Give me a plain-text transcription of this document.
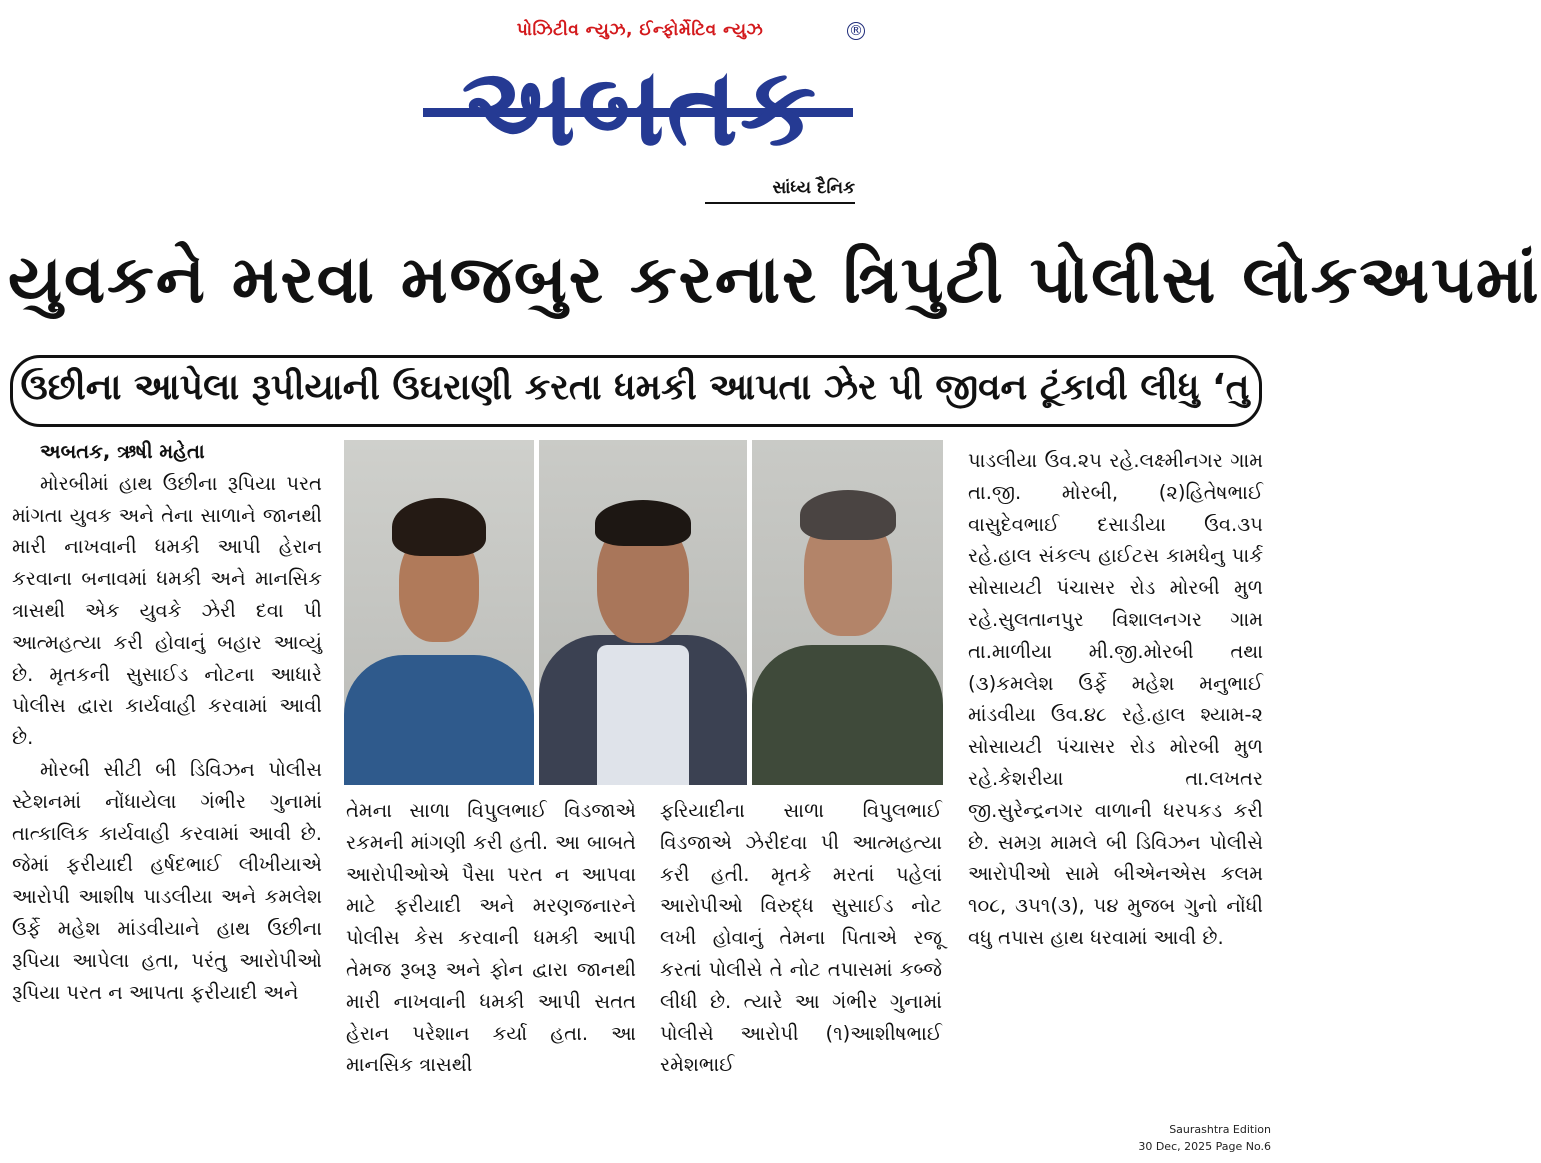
પોઝિટીવ ન્યુઝ, ઈન્ફોર્મેટિવ ન્યુઝ	®
અબતક
સાંધ્ય દૈનિક
યુવકને મરવા મજબુર કરનાર ત્રિપુટી પોલીસ લોકઅપમાં
ઉછીના આપેલા રૂપીયાની ઉઘરાણી કરતા ધમકી આપતા ઝેર પી જીવન ટૂંકાવી લીધુ ‘તુ

અબતક, ઋષી મહેતા

મોરબીમાં હાથ ઉછીના રૂપિયા પરત માંગતા યુવક અને તેના સાળાને જાનથી મારી નાખવાની ધમકી આપી હેરાન કરવાના બનાવમાં ધમકી અને માનસિક ત્રાસથી એક યુવકે ઝેરી દવા પી આત્મહત્યા કરી હોવાનું બહાર આવ્યું છે. મૃતકની સુસાઈડ નોટના આધારે પોલીસ દ્વારા કાર્યવાહી કરવામાં આવી છે.

મોરબી સીટી બી ડિવિઝન પોલીસ સ્ટેશનમાં નોંધાયેલા ગંભીર ગુનામાં તાત્કાલિક કાર્યવાહી કરવામાં આવી છે. જેમાં ફરીયાદી હર્ષદભાઈ લીખીયાએ આરોપી આશીષ પાડલીયા અને કમલેશ ઉર્ફે મહેશ માંડવીયાને હાથ ઉછીના રૂપિયા આપેલા હતા, પરંતુ આરોપીઓ રૂપિયા પરત ન આપતા ફરીયાદી અને

તેમના સાળા વિપુલભાઈ વિડજાએ રકમની માંગણી કરી હતી. આ બાબતે આરોપીઓએ પૈસા પરત ન આપવા માટે ફરીયાદી અને મરણજનારને પોલીસ કેસ કરવાની ધમકી આપી તેમજ રૂબરૂ અને ફોન દ્વારા જાનથી મારી નાખવાની ધમકી આપી સતત હેરાન પરેશાન કર્યા હતા. આ માનસિક ત્રાસથી

ફરિયાદીના સાળા વિપુલભાઈ વિડજાએ ઝેરીદવા પી આત્મહત્યા કરી હતી. મૃતકે મરતાં પહેલાં આરોપીઓ વિરુદ્ધ સુસાઈડ નોટ લખી હોવાનું તેમના પિતાએ રજૂ કરતાં પોલીસે તે નોટ તપાસમાં કબ્જે લીધી છે. ત્યારે આ ગંભીર ગુનામાં પોલીસે આરોપી (૧)આશીષભાઈ રમેશભાઈ

પાડલીયા ઉવ.૨૫ રહે.લક્ષ્મીનગર ગામ તા.જી. મોરબી, (૨)હિતેષભાઈ વાસુદેવભાઈ દસાડીયા ઉવ.૩૫ રહે.હાલ સંકલ્પ હાઈટસ કામધેનુ પાર્ક સોસાયટી પંચાસર રોડ મોરબી મુળ રહે.સુલતાનપુર વિશાલનગર ગામ તા.માળીયા મી.જી.મોરબી તથા (૩)કમલેશ ઉર્ફે મહેશ મનુભાઈ માંડવીયા ઉવ.૪૮ રહે.હાલ શ્યામ-૨ સોસાયટી પંચાસર રોડ મોરબી મુળ રહે.કેશરીયા તા.લખતર જી.સુરેન્દ્રનગર વાળાની ધરપકડ કરી છે. સમગ્ર મામલે બી ડિવિઝન પોલીસે આરોપીઓ સામે બીએનએસ કલમ ૧૦૮, ૩૫૧(૩), ૫૪ મુજબ ગુનો નોંધી વધુ તપાસ હાથ ધરવામાં આવી છે.

Saurashtra Edition
30 Dec, 2025 Page No.6
